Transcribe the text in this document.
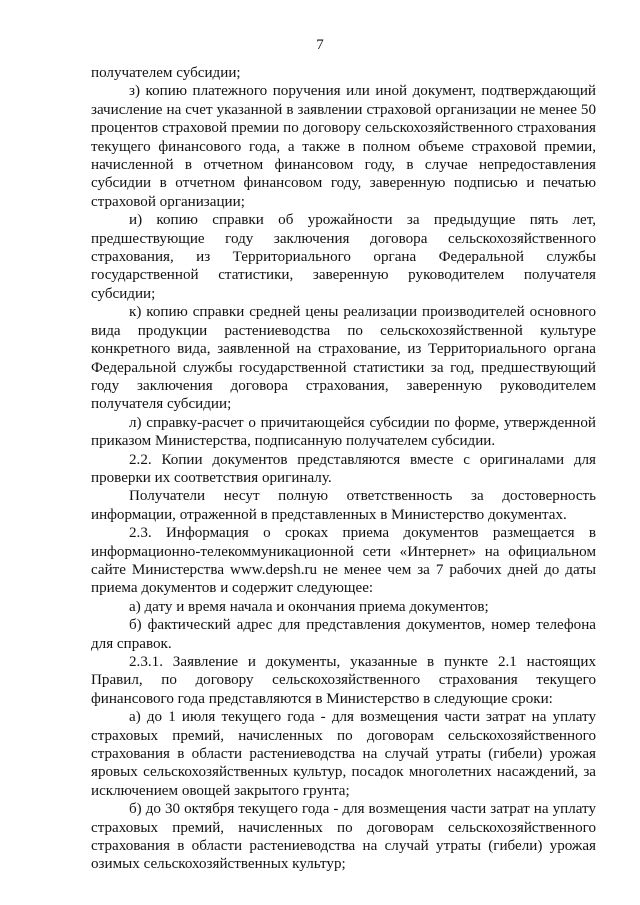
7

получателем субсидии;

з) копию платежного поручения или иной документ, подтверждающий зачисление на счет указанной в заявлении страховой организации не менее 50 процентов страховой премии по договору сельскохозяйственного страхования текущего финансового года, а также в полном объеме страховой премии, начисленной в отчетном финансовом году, в случае непредоставления субсидии в отчетном финансовом году, заверенную подписью и печатью страховой организации;

и) копию справки об урожайности за предыдущие пять лет, предшествующие году заключения договора сельскохозяйственного страхования, из Территориального органа Федеральной службы государственной статистики, заверенную руководителем получателя субсидии;

к) копию справки средней цены реализации производителей основного вида продукции растениеводства по сельскохозяйственной культуре конкретного вида, заявленной на страхование, из Территориального органа Федеральной службы государственной статистики за год, предшествующий году заключения договора страхования, заверенную руководителем получателя субсидии;

л) справку-расчет о причитающейся субсидии по форме, утвержденной приказом Министерства, подписанную получателем субсидии.

2.2. Копии документов представляются вместе с оригиналами для проверки их соответствия оригиналу.

Получатели несут полную ответственность за достоверность информации, отраженной в представленных в Министерство документах.

2.3. Информация о сроках приема документов размещается в информационно-телекоммуникационной сети «Интернет» на официальном сайте Министерства www.depsh.ru не менее чем за 7 рабочих дней до даты приема документов и содержит следующее:

а) дату и время начала и окончания приема документов;

б) фактический адрес для представления документов, номер телефона для справок.

2.3.1. Заявление и документы, указанные в пункте 2.1 настоящих Правил, по договору сельскохозяйственного страхования текущего финансового года представляются в Министерство в следующие сроки:

а) до 1 июля текущего года - для возмещения части затрат на уплату страховых премий, начисленных по договорам сельскохозяйственного страхования в области растениеводства на случай утраты (гибели) урожая яровых сельскохозяйственных культур, посадок многолетних насаждений, за исключением овощей закрытого грунта;

б) до 30 октября текущего года - для возмещения части затрат на уплату страховых премий, начисленных по договорам сельскохозяйственного страхования в области растениеводства на случай утраты (гибели) урожая озимых сельскохозяйственных культур;
